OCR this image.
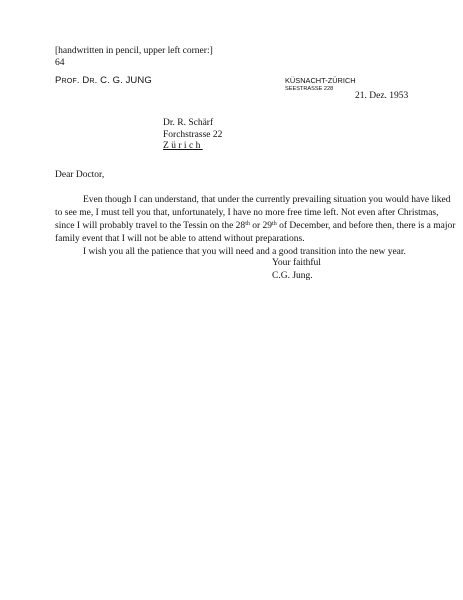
[handwritten in pencil, upper left corner:]
64
PROF. DR. C. G. JUNG	KÜSNACHT-ZÜRICH
SEESTRASSE 228
21. Dez. 1953
Dr. R. Schärf
Forchstrasse 22
Zürich
Dear Doctor,

Even though I can understand, that under the currently prevailing situation you would have liked

to see me, I must tell you that, unfortunately, I have no more free time left. Not even after Christmas,

since I will probably travel to the Tessin on the 28th or 29th of December, and before then, there is a major

family event that I will not be able to attend without preparations.

I wish you all the patience that you will need and a good transition into the new year.

Your faithful
C.G. Jung.
